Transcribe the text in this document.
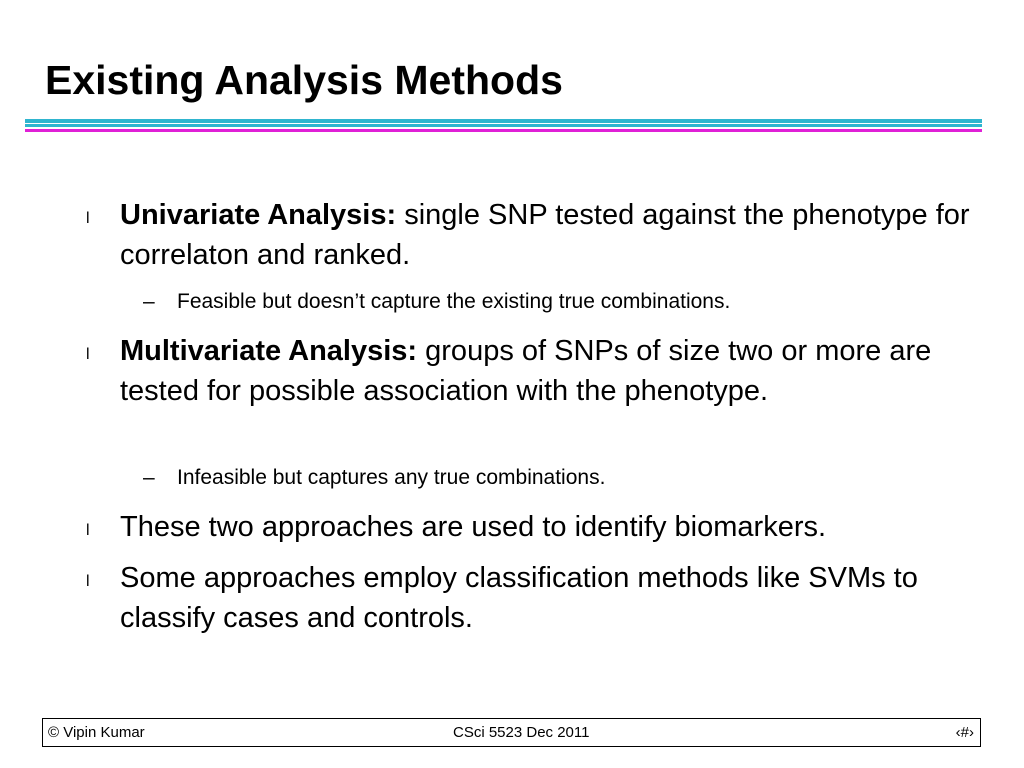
Existing Analysis Methods
l Univariate Analysis: single SNP tested against the phenotype for correlaton and ranked.
– Feasible but doesn’t capture the existing true combinations.
l Multivariate Analysis: groups of SNPs of size two or more are tested for possible association with the phenotype.
– Infeasible but captures any true combinations.
l These two approaches are used to identify biomarkers.
l Some approaches employ classification methods like SVMs to classify cases and controls.
© Vipin Kumar	CSci 5523 Dec 2011	‹#›
